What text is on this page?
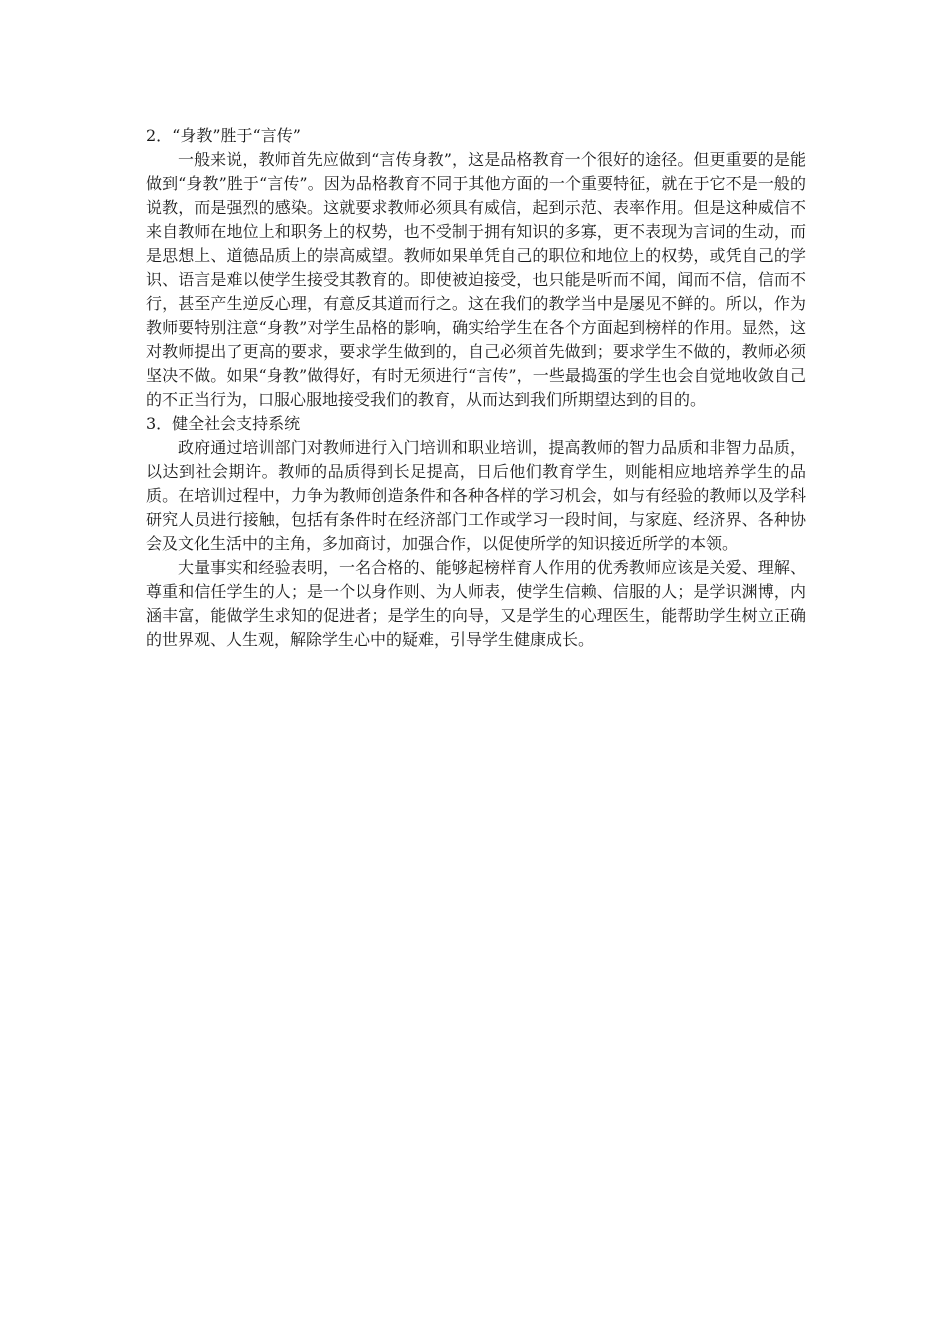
2．“身教”胜于“言传”

一般来说，教师首先应做到“言传身教”，这是品格教育一个很好的途径。但更重要的是能做到“身教”胜于“言传”。因为品格教育不同于其他方面的一个重要特征，就在于它不是一般的说教，而是强烈的感染。这就要求教师必须具有威信，起到示范、表率作用。但是这种威信不来自教师在地位上和职务上的权势，也不受制于拥有知识的多寡，更不表现为言词的生动，而是思想上、道德品质上的崇高威望。教师如果单凭自己的职位和地位上的权势，或凭自己的学识、语言是难以使学生接受其教育的。即使被迫接受，也只能是听而不闻，闻而不信，信而不行，甚至产生逆反心理，有意反其道而行之。这在我们的教学当中是屡见不鲜的。所以，作为教师要特别注意“身教”对学生品格的影响，确实给学生在各个方面起到榜样的作用。显然，这对教师提出了更高的要求，要求学生做到的，自己必须首先做到；要求学生不做的，教师必须坚决不做。如果“身教”做得好，有时无须进行“言传”，一些最捣蛋的学生也会自觉地收敛自己的不正当行为，口服心服地接受我们的教育，从而达到我们所期望达到的目的。

3．健全社会支持系统

政府通过培训部门对教师进行入门培训和职业培训，提高教师的智力品质和非智力品质，以达到社会期许。教师的品质得到长足提高，日后他们教育学生，则能相应地培养学生的品质。在培训过程中，力争为教师创造条件和各种各样的学习机会，如与有经验的教师以及学科研究人员进行接触，包括有条件时在经济部门工作或学习一段时间，与家庭、经济界、各种协会及文化生活中的主角，多加商讨，加强合作，以促使所学的知识接近所学的本领。

大量事实和经验表明，一名合格的、能够起榜样育人作用的优秀教师应该是关爱、理解、尊重和信任学生的人；是一个以身作则、为人师表，使学生信赖、信服的人；是学识渊博，内涵丰富，能做学生求知的促进者；是学生的向导，又是学生的心理医生，能帮助学生树立正确的世界观、人生观，解除学生心中的疑难，引导学生健康成长。
